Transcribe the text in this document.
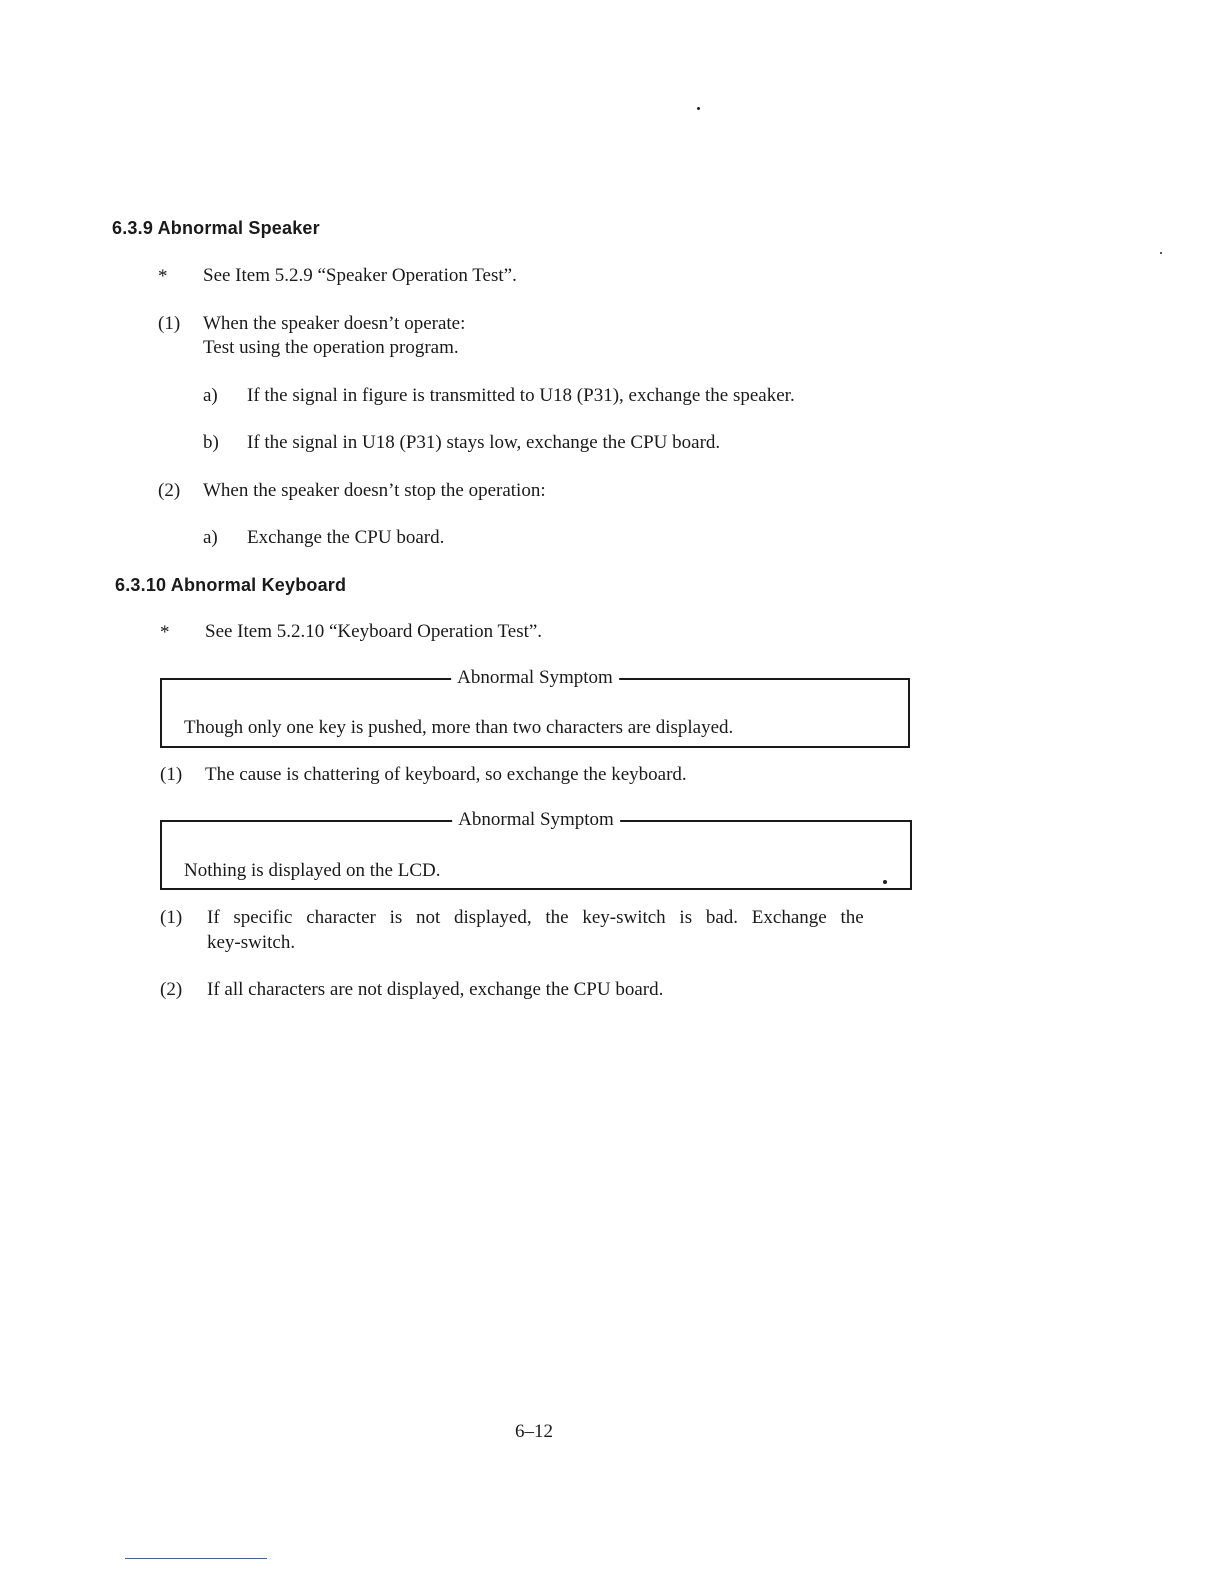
6.3.9 Abnormal Speaker
* See Item 5.2.9 “Speaker Operation Test”.
(1) When the speaker doesn’t operate:
Test using the operation program.
a) If the signal in figure is transmitted to U18 (P31), exchange the speaker.
b) If the signal in U18 (P31) stays low, exchange the CPU board.
(2) When the speaker doesn’t stop the operation:
a) Exchange the CPU board.
6.3.10 Abnormal Keyboard
* See Item 5.2.10 “Keyboard Operation Test”.
Abnormal Symptom
Though only one key is pushed, more than two characters are displayed.
(1) The cause is chattering of keyboard, so exchange the keyboard.
Abnormal Symptom
Nothing is displayed on the LCD.
(1) If specific character is not displayed, the key-switch is bad. Exchange the
key-switch.
(2) If all characters are not displayed, exchange the CPU board.
6–12
